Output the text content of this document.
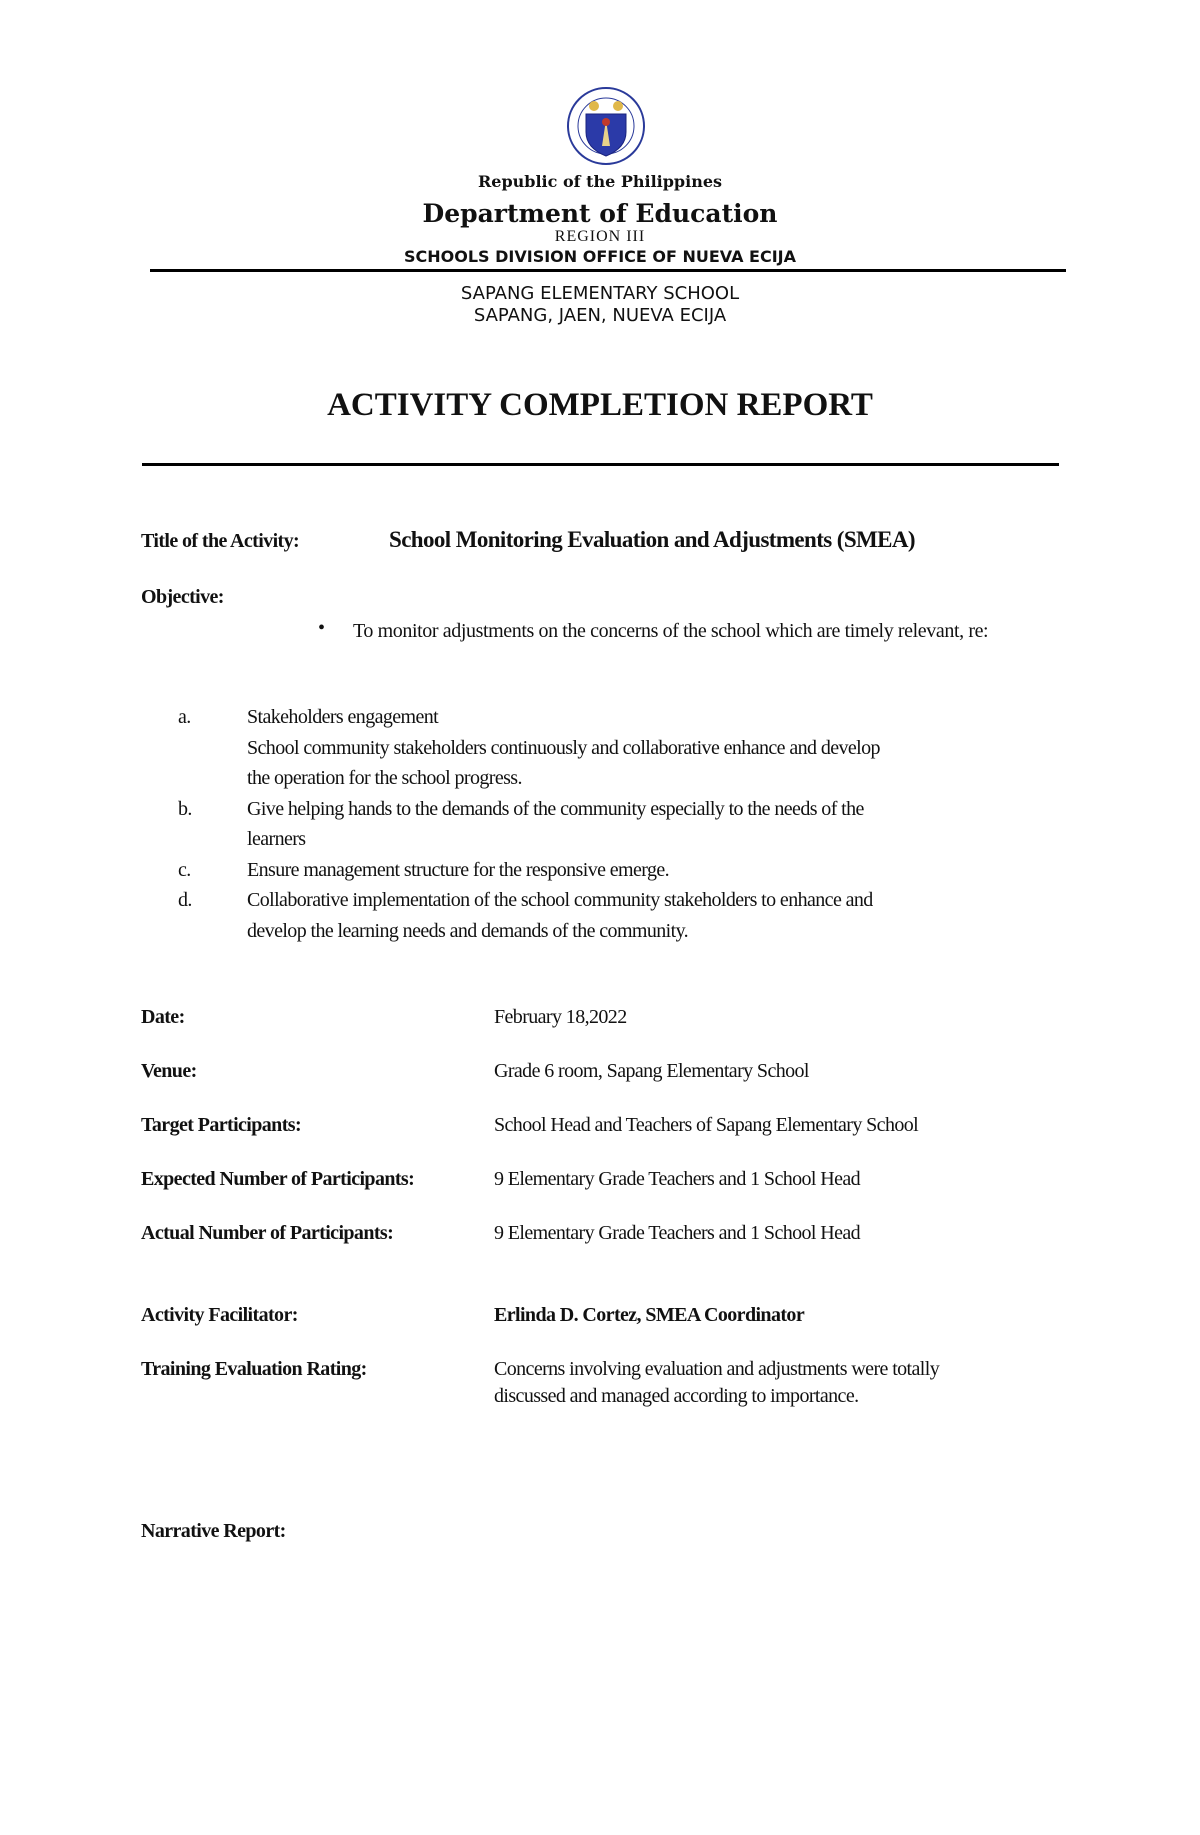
Republic of the Philippines
Department of Education
REGION III
SCHOOLS DIVISION OFFICE OF NUEVA ECIJA
SAPANG ELEMENTARY SCHOOL
SAPANG, JAEN, NUEVA ECIJA
ACTIVITY COMPLETION REPORT
Title of the Activity:	School Monitoring Evaluation and Adjustments (SMEA)
Objective:
• To monitor adjustments on the concerns of the school which are timely relevant, re:
a.	Stakeholders engagement
School community stakeholders continuously and collaborative enhance and develop
the operation for the school progress.
b.	Give helping hands to the demands of the community especially to the needs of the
learners
c.	Ensure management structure for the responsive emerge.
d.	Collaborative implementation of the school community stakeholders to enhance and
develop the learning needs and demands of the community.
Date:	February 18,2022
Venue:	Grade 6 room, Sapang Elementary School
Target Participants:	School Head and Teachers of Sapang Elementary School
Expected Number of Participants:	9 Elementary Grade Teachers and 1 School Head
Actual Number of Participants:	9 Elementary Grade Teachers and 1 School Head
Activity Facilitator:	Erlinda D. Cortez, SMEA Coordinator
Training Evaluation Rating:	Concerns involving evaluation and adjustments were totally
discussed and managed according to importance.
Narrative Report:
